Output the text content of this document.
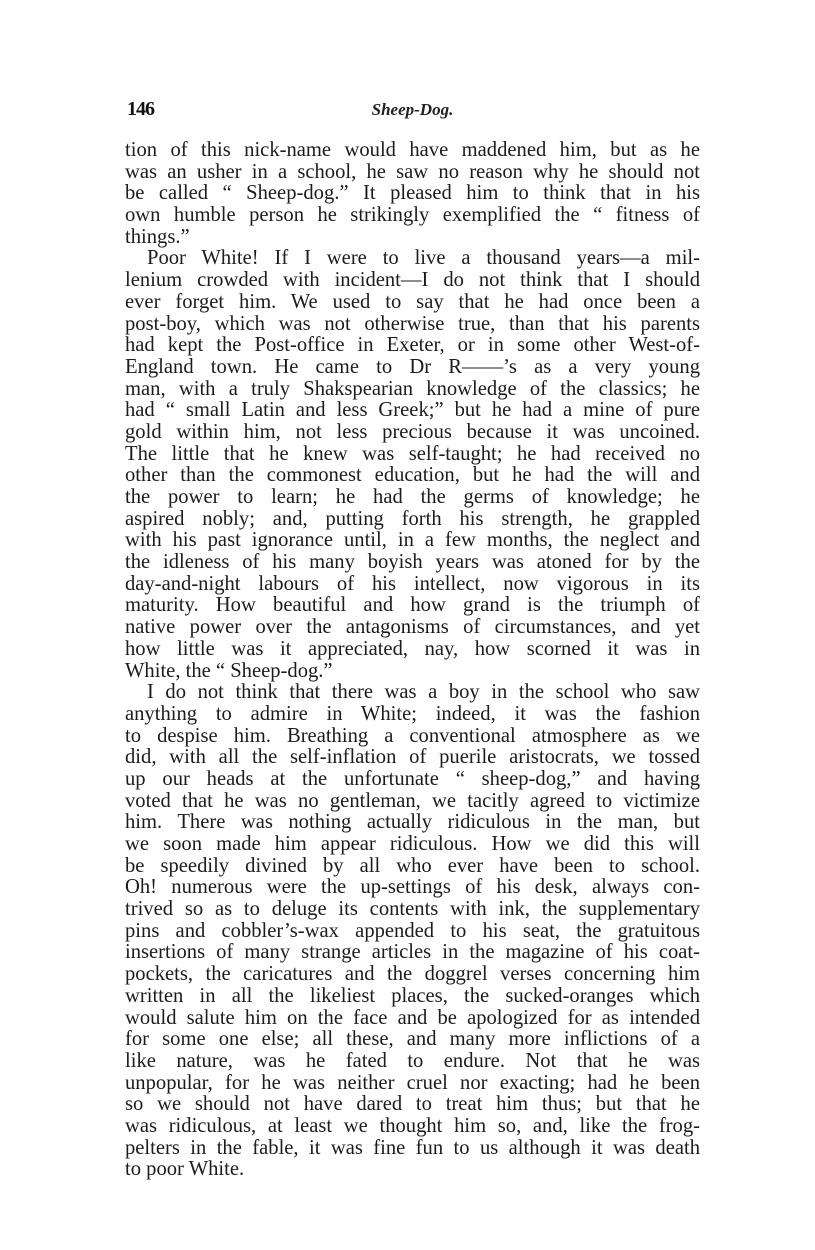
146	Sheep-Dog.

tion of this nick-name would have maddened him, but as he
was an usher in a school, he saw no reason why he should not
be called “ Sheep-dog.” It pleased him to think that in his
own humble person he strikingly exemplified the “ fitness of
things.”

Poor White! If I were to live a thousand years—a mil-
lenium crowded with incident—I do not think that I should
ever forget him. We used to say that he had once been a
post-boy, which was not otherwise true, than that his parents
had kept the Post-office in Exeter, or in some other West-of-
England town. He came to Dr R——’s as a very young
man, with a truly Shakspearian knowledge of the classics; he
had “ small Latin and less Greek;” but he had a mine of pure
gold within him, not less precious because it was uncoined.
The little that he knew was self-taught; he had received no
other than the commonest education, but he had the will and
the power to learn; he had the germs of knowledge; he
aspired nobly; and, putting forth his strength, he grappled
with his past ignorance until, in a few months, the neglect and
the idleness of his many boyish years was atoned for by the
day-and-night labours of his intellect, now vigorous in its
maturity. How beautiful and how grand is the triumph of
native power over the antagonisms of circumstances, and yet
how little was it appreciated, nay, how scorned it was in
White, the “ Sheep-dog.”

I do not think that there was a boy in the school who saw
anything to admire in White; indeed, it was the fashion
to despise him. Breathing a conventional atmosphere as we
did, with all the self-inflation of puerile aristocrats, we tossed
up our heads at the unfortunate “ sheep-dog,” and having
voted that he was no gentleman, we tacitly agreed to victimize
him. There was nothing actually ridiculous in the man, but
we soon made him appear ridiculous. How we did this will
be speedily divined by all who ever have been to school.
Oh! numerous were the up-settings of his desk, always con-
trived so as to deluge its contents with ink, the supplementary
pins and cobbler’s-wax appended to his seat, the gratuitous
insertions of many strange articles in the magazine of his coat-
pockets, the caricatures and the doggrel verses concerning him
written in all the likeliest places, the sucked-oranges which
would salute him on the face and be apologized for as intended
for some one else; all these, and many more inflictions of a
like nature, was he fated to endure. Not that he was
unpopular, for he was neither cruel nor exacting; had he been
so we should not have dared to treat him thus; but that he
was ridiculous, at least we thought him so, and, like the frog-
pelters in the fable, it was fine fun to us although it was death
to poor White.
